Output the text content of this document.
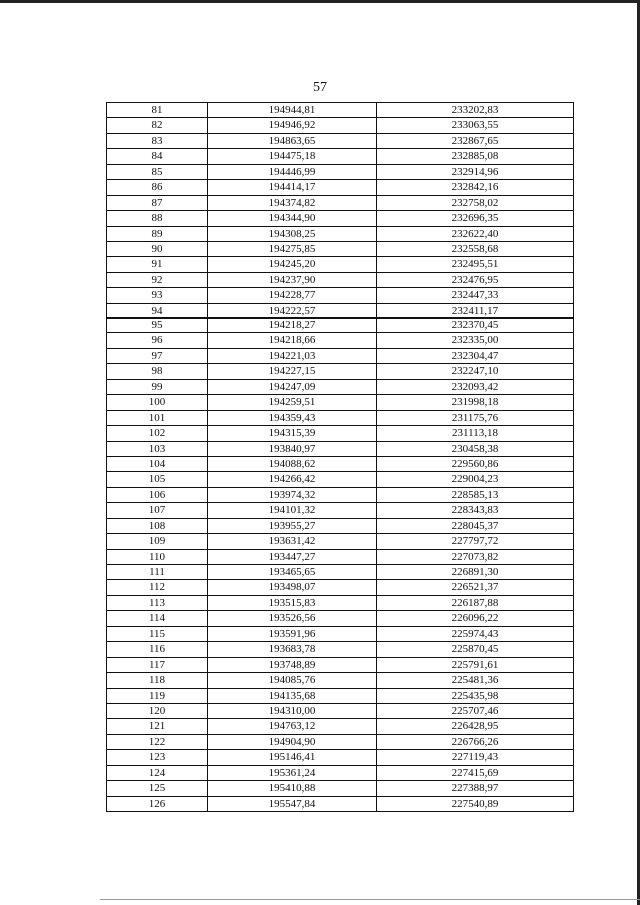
57
81	194944,81	233202,83
82	194946,92	233063,55
83	194863,65	232867,65
84	194475,18	232885,08
85	194446,99	232914,96
86	194414,17	232842,16
87	194374,82	232758,02
88	194344,90	232696,35
89	194308,25	232622,40
90	194275,85	232558,68
91	194245,20	232495,51
92	194237,90	232476,95
93	194228,77	232447,33
94	194222,57	232411,17
95	194218,27	232370,45
96	194218,66	232335,00
97	194221,03	232304,47
98	194227,15	232247,10
99	194247,09	232093,42
100	194259,51	231998,18
101	194359,43	231175,76
102	194315,39	231113,18
103	193840,97	230458,38
104	194088,62	229560,86
105	194266,42	229004,23
106	193974,32	228585,13
107	194101,32	228343,83
108	193955,27	228045,37
109	193631,42	227797,72
110	193447,27	227073,82
111	193465,65	226891,30
112	193498,07	226521,37
113	193515,83	226187,88
114	193526,56	226096,22
115	193591,96	225974,43
116	193683,78	225870,45
117	193748,89	225791,61
118	194085,76	225481,36
119	194135,68	225435,98
120	194310,00	225707,46
121	194763,12	226428,95
122	194904,90	226766,26
123	195146,41	227119,43
124	195361,24	227415,69
125	195410,88	227388,97
126	195547,84	227540,89
